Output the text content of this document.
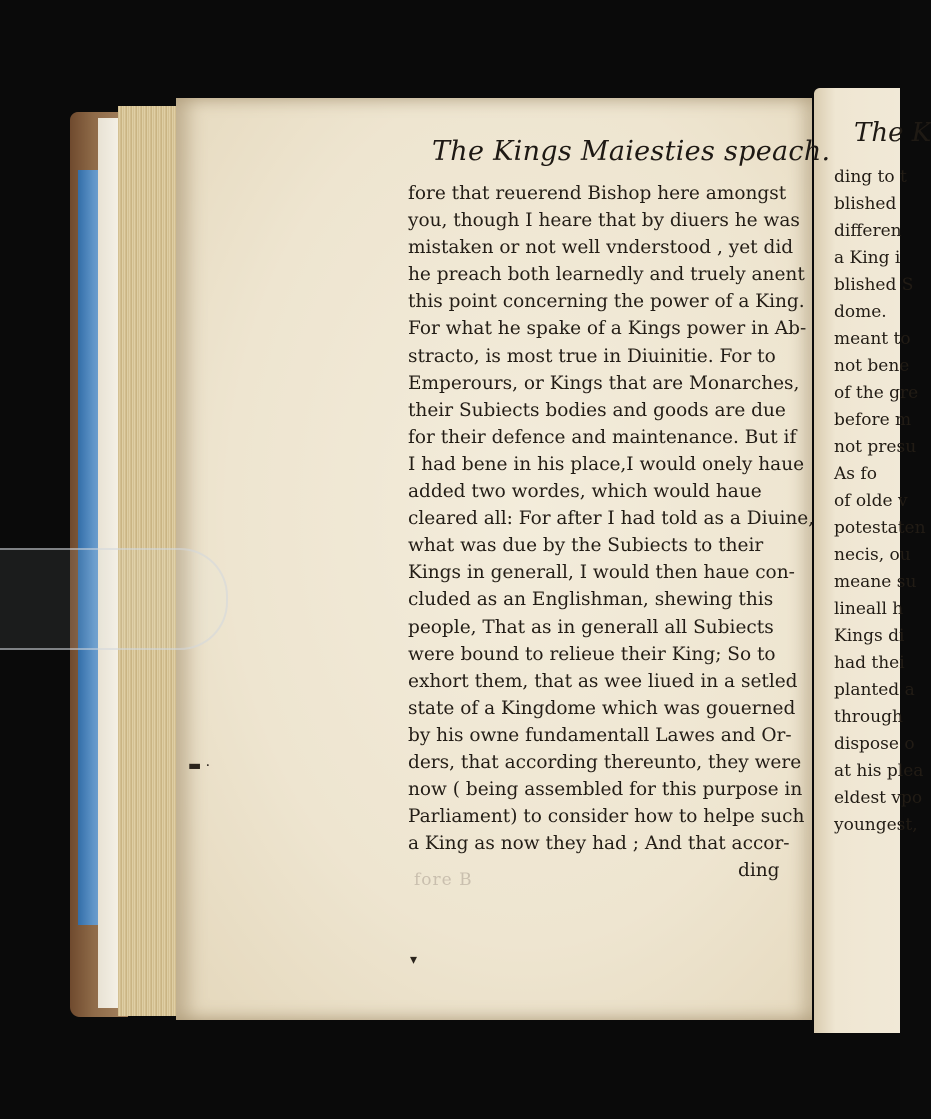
The K
ding to t
blished
differen
a King i
blished S
dome.
meant to
not bene
of the gre
before m
not presu
As fo
of olde v
potestaten
necis, ou
meane su
lineall h
Kings di
had thei
planted a
through
dispose o
at his plea
eldest vpo
youngest,
The Kings Maiesties speach.
fore that reuerend Bishop here amongst
you, though I heare that by diuers he was
mistaken or not well vnderstood , yet did
he preach both learnedly and truely anent
this point concerning the power of a King.
For what he spake of a Kings power in Ab-
stracto, is most true in Diuinitie. For to
Emperours, or Kings that are Monarches,
their Subiects bodies and goods are due
for their defence and maintenance. But if
I had bene in his place,I would onely haue
added two wordes, which would haue
cleared all: For after I had told as a Diuine,
what was due by the Subiects to their
Kings in generall, I would then haue con-
cluded as an Englishman, shewing this
people, That as in generall all Subiects
were bound to relieue their King; So to
exhort them, that as wee liued in a setled
state of a Kingdome which was gouerned
by his owne fundamentall Lawes and Or-
ders, that according thereunto, they were
now ( being assembled for this purpose in
Parliament) to consider how to helpe such
a King as now they had ; And that accor-
ding
fore B
▬ ·
▾
